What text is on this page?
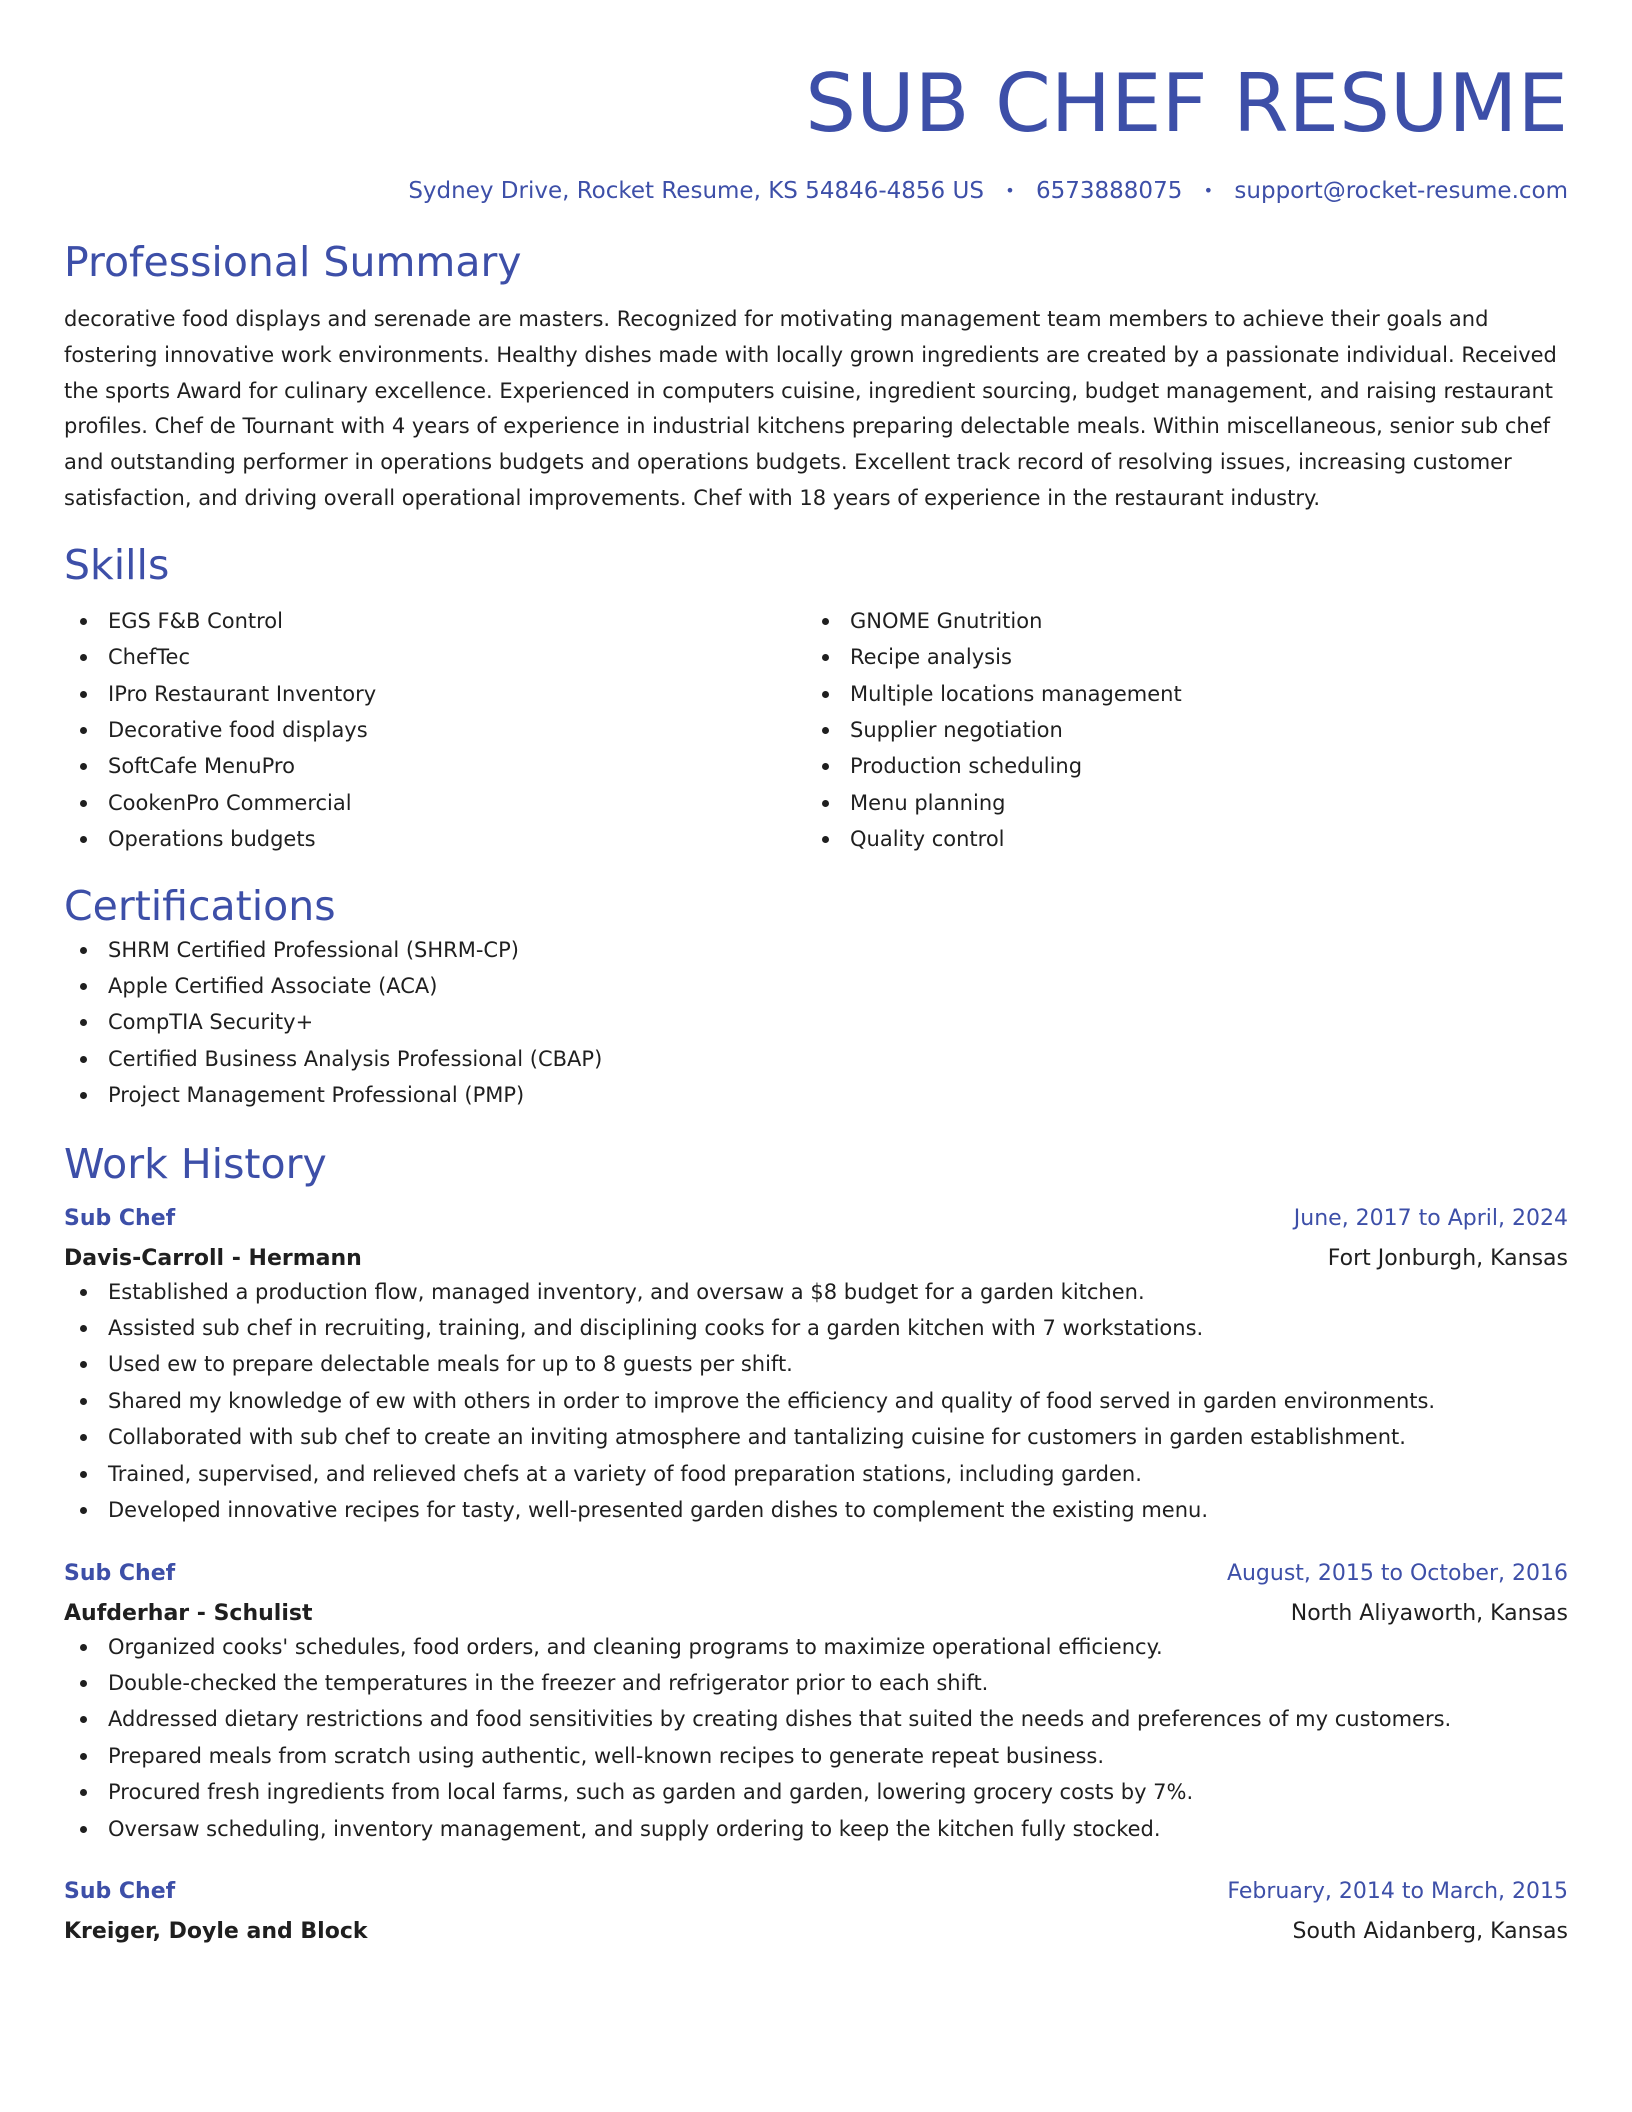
SUB CHEF RESUME
Sydney Drive, Rocket Resume, KS 54846-4856 US • 6573888075 • support@rocket-resume.com
Professional Summary

decorative food displays and serenade are masters. Recognized for motivating management team members to achieve their goals and fostering innovative work environments. Healthy dishes made with locally grown ingredients are created by a passionate individual. Received the sports Award for culinary excellence. Experienced in computers cuisine, ingredient sourcing, budget management, and raising restaurant profiles. Chef de Tournant with 4 years of experience in industrial kitchens preparing delectable meals. Within miscellaneous, senior sub chef and outstanding performer in operations budgets and operations budgets. Excellent track record of resolving issues, increasing customer satisfaction, and driving overall operational improvements. Chef with 18 years of experience in the restaurant industry.

Skills
EGS F&B Control
ChefTec
IPro Restaurant Inventory
Decorative food displays
SoftCafe MenuPro
CookenPro Commercial
Operations budgets
GNOME Gnutrition
Recipe analysis
Multiple locations management
Supplier negotiation
Production scheduling
Menu planning
Quality control
Certifications
SHRM Certified Professional (SHRM-CP)
Apple Certified Associate (ACA)
CompTIA Security+
Certified Business Analysis Professional (CBAP)
Project Management Professional (PMP)
Work History
Sub Chef	June, 2017 to April, 2024
Davis-Carroll - Hermann	Fort Jonburgh, Kansas
Established a production flow, managed inventory, and oversaw a $8 budget for a garden kitchen.
Assisted sub chef in recruiting, training, and disciplining cooks for a garden kitchen with 7 workstations.
Used ew to prepare delectable meals for up to 8 guests per shift.
Shared my knowledge of ew with others in order to improve the efficiency and quality of food served in garden environments.
Collaborated with sub chef to create an inviting atmosphere and tantalizing cuisine for customers in garden establishment.
Trained, supervised, and relieved chefs at a variety of food preparation stations, including garden.
Developed innovative recipes for tasty, well-presented garden dishes to complement the existing menu.
Sub Chef	August, 2015 to October, 2016
Aufderhar - Schulist	North Aliyaworth, Kansas
Organized cooks' schedules, food orders, and cleaning programs to maximize operational efficiency.
Double-checked the temperatures in the freezer and refrigerator prior to each shift.
Addressed dietary restrictions and food sensitivities by creating dishes that suited the needs and preferences of my customers.
Prepared meals from scratch using authentic, well-known recipes to generate repeat business.
Procured fresh ingredients from local farms, such as garden and garden, lowering grocery costs by 7%.
Oversaw scheduling, inventory management, and supply ordering to keep the kitchen fully stocked.
Sub Chef	February, 2014 to March, 2015
Kreiger, Doyle and Block	South Aidanberg, Kansas
